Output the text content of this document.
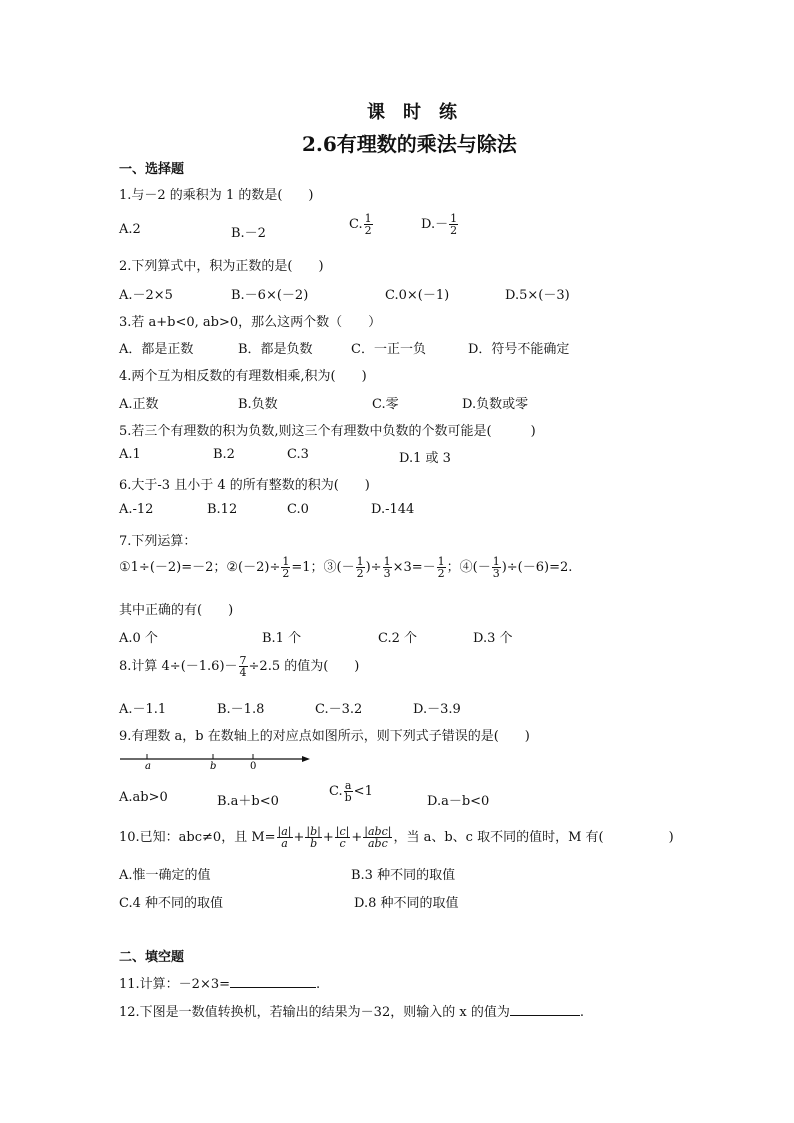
课　时　练
2.6有理数的乘法与除法
一、选择题
1.与－2 的乘积为 1 的数是(　　)
A.2	B.－2
C. $\frac{1}{2}$	$D.- \frac{1}{2}$
2.下列算式中，积为正数的是(　　)
A.－2×5	B.－6×(－2)	C.0×(－1)	D.5×(－3)
3.若 a+b<0, ab>0，那么这两个数（　　）
A．都是正数	B．都是负数	C．一正一负	D．符号不能确定
4.两个互为相反数的有理数相乘,积为(　　)
A.正数	B.负数	C.零	D.负数或零
5.若三个有理数的积为负数,则这三个有理数中负数的个数可能是(　　　)
A.1	B.2	C.3	D.1 或 3
6.大于-3 且小于 4 的所有整数的积为(　　)
A.-12	B.12	C.0	D.-144
7.下列运算：
①1÷(－2)=－2；②(－2)÷ $\frac{1}{2} =1$；③(－ $\frac{1}{2}$ )÷ $\frac{1}{3} \times 3=- \frac{1}{2}$ ；④(－ $\frac{1}{3} )\div(-6)=2$.
其中正确的有(　　)
A.0 个	B.1 个	C.2 个	D.3 个
8.计算 $4\div(-1.6)- \frac{7}{4} \div 2.5$ 的值为(　　)
A.－1.1	B.－1.8	C.－3.2	D.－3.9
9.有理数 a，b 在数轴上的对应点如图所示，则下列式子错误的是(　　)
a	b	0
A.ab>0	B.a＋b<0
C. $\frac{a}{b} <1$
D.a－b<0
10.已知：abc≠0，且 $M= \frac{|a|}{a} + \frac{|b|}{b} + \frac{|c|}{c} + \frac{\text{|abc|}}{\text{abc}}$ ，当 a、b、c 取不同的值时，M 有(　　　　　)
A.惟一确定的值	B.3 种不同的取值
C.4 种不同的取值	D.8 种不同的取值
二、填空题
11.计算：－2×3=	.
12.下图是一数值转换机，若输出的结果为－32，则输入的 x 的值为	.
